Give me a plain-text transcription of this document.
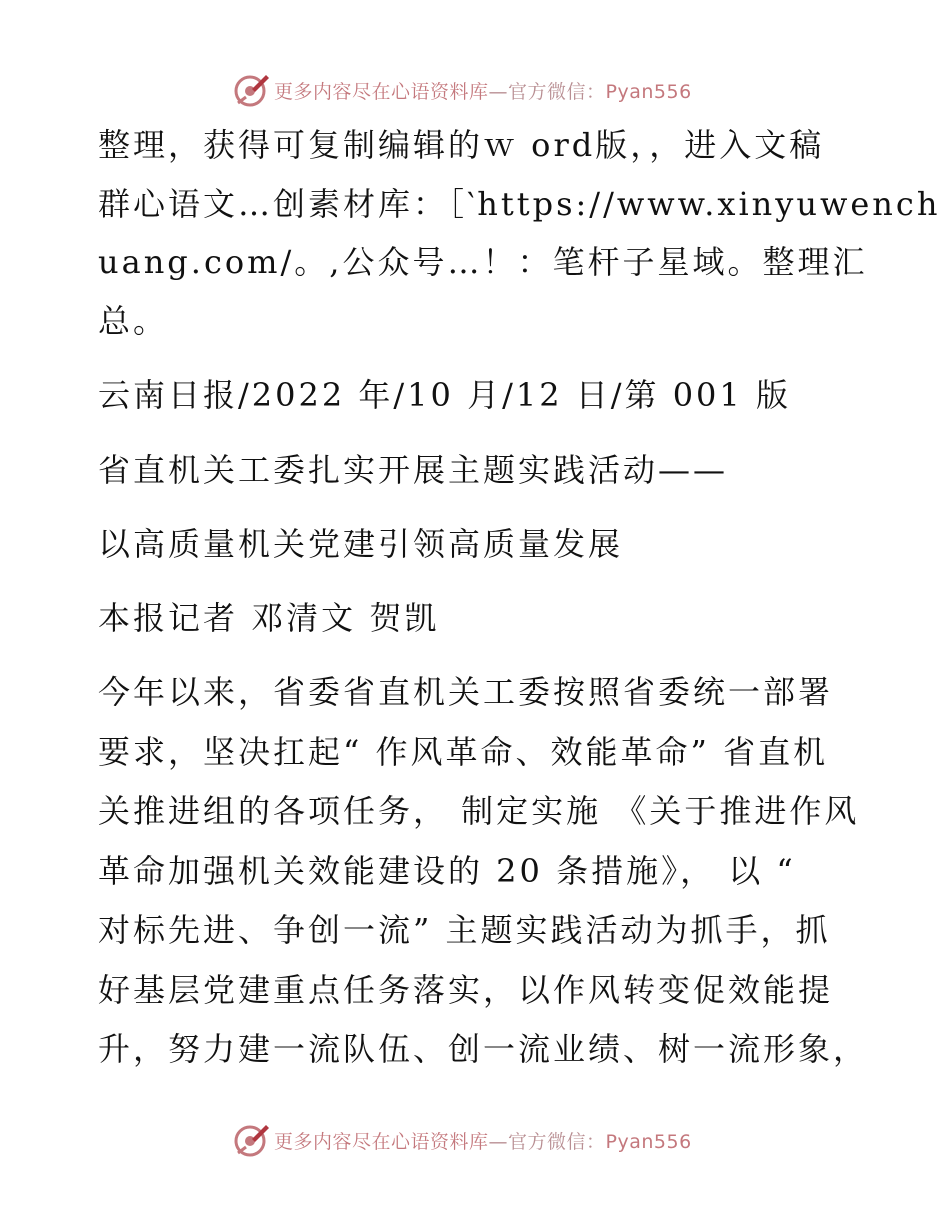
更多内容尽在心语资料库—官方微信：Pyan556
整理，获得可复制编辑的ｗ ord版，，进入文稿
群心语文…创素材库：［‵https://www.xinyuwench
uang.com/。,公众号…！：笔杆子星域。整理汇
总。
云南日报/2022 年/10 月/12 日/第 001 版
省直机关工委扎实开展主题实践活动——
以高质量机关党建引领高质量发展
本报记者 邓清文 贺凯
今年以来，省委省直机关工委按照省委统一部署
要求，坚决扛起“ 作风革命、效能革命” 省直机
关推进组的各项任务， 制定实施 《关于推进作风
革命加强机关效能建设的 20 条措施》， 以 “
对标先进、争创一流” 主题实践活动为抓手，抓
好基层党建重点任务落实，以作风转变促效能提
升，努力建一流队伍、创一流业绩、树一流形象，
更多内容尽在心语资料库—官方微信：Pyan556
